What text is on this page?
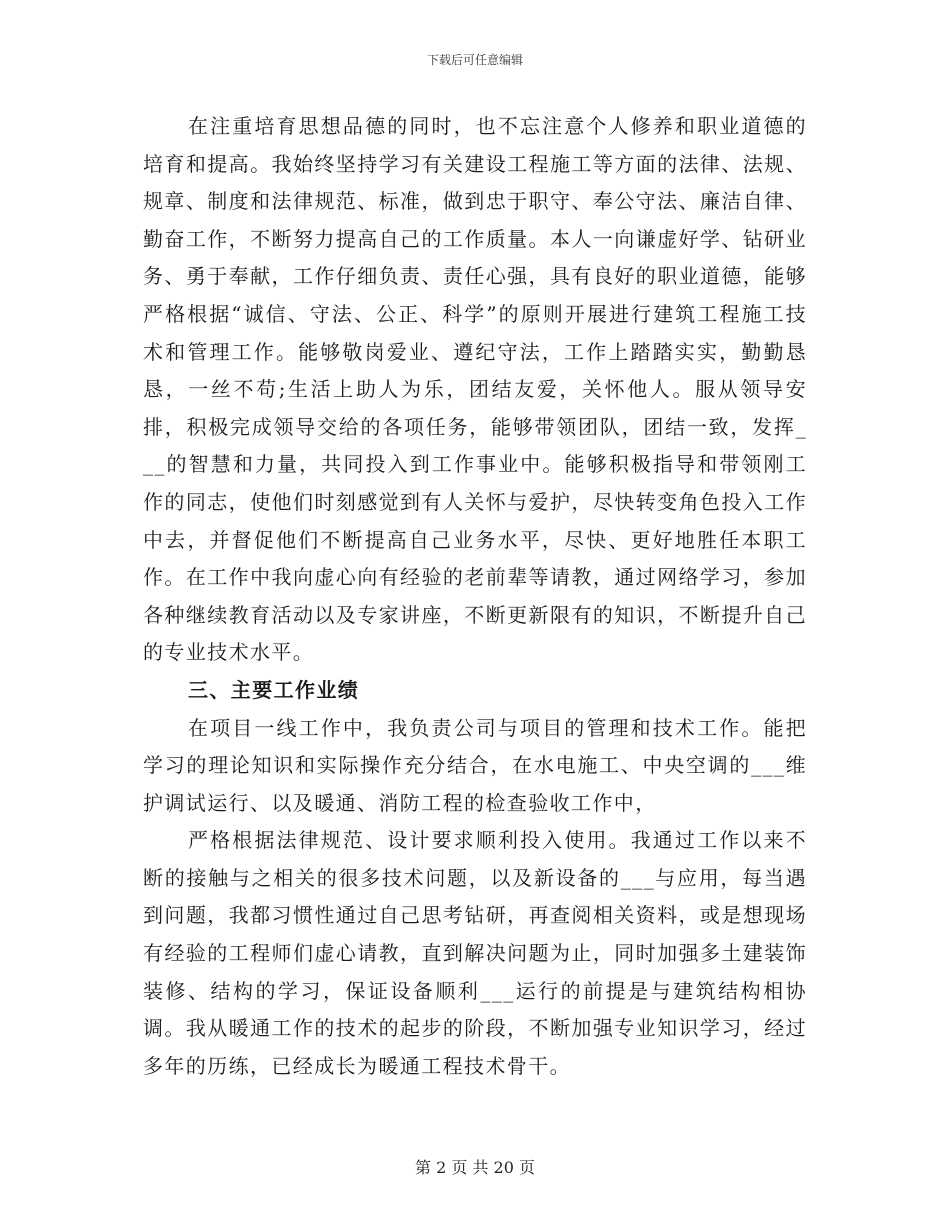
下载后可任意编辑

在注重培育思想品德的同时，也不忘注意个人修养和职业道德的培育和提高。我始终坚持学习有关建设工程施工等方面的法律、法规、规章、制度和法律规范、标准，做到忠于职守、奉公守法、廉洁自律、勤奋工作，不断努力提高自己的工作质量。本人一向谦虚好学、钻研业务、勇于奉献，工作仔细负责、责任心强，具有良好的职业道德，能够严格根据“诚信、守法、公正、科学”的原则开展进行建筑工程施工技术和管理工作。能够敬岗爱业、遵纪守法，工作上踏踏实实，勤勤恳恳，一丝不苟;生活上助人为乐，团结友爱，关怀他人。服从领导安排，积极完成领导交给的各项任务，能够带领团队，团结一致，发挥___的智慧和力量，共同投入到工作事业中。能够积极指导和带领刚工作的同志，使他们时刻感觉到有人关怀与爱护，尽快转变角色投入工作中去，并督促他们不断提高自己业务水平，尽快、更好地胜任本职工作。在工作中我向虚心向有经验的老前辈等请教，通过网络学习，参加各种继续教育活动以及专家讲座，不断更新限有的知识，不断提升自己的专业技术水平。

三、主要工作业绩

在项目一线工作中，我负责公司与项目的管理和技术工作。能把学习的理论知识和实际操作充分结合，在水电施工、中央空调的___维护调试运行、以及暖通、消防工程的检查验收工作中，

严格根据法律规范、设计要求顺利投入使用。我通过工作以来不断的接触与之相关的很多技术问题，以及新设备的___与应用，每当遇到问题，我都习惯性通过自己思考钻研，再查阅相关资料，或是想现场有经验的工程师们虚心请教，直到解决问题为止，同时加强多土建装饰装修、结构的学习，保证设备顺利___运行的前提是与建筑结构相协调。我从暖通工作的技术的起步的阶段，不断加强专业知识学习，经过多年的历练，已经成长为暖通工程技术骨干。

第 2 页 共 20 页
